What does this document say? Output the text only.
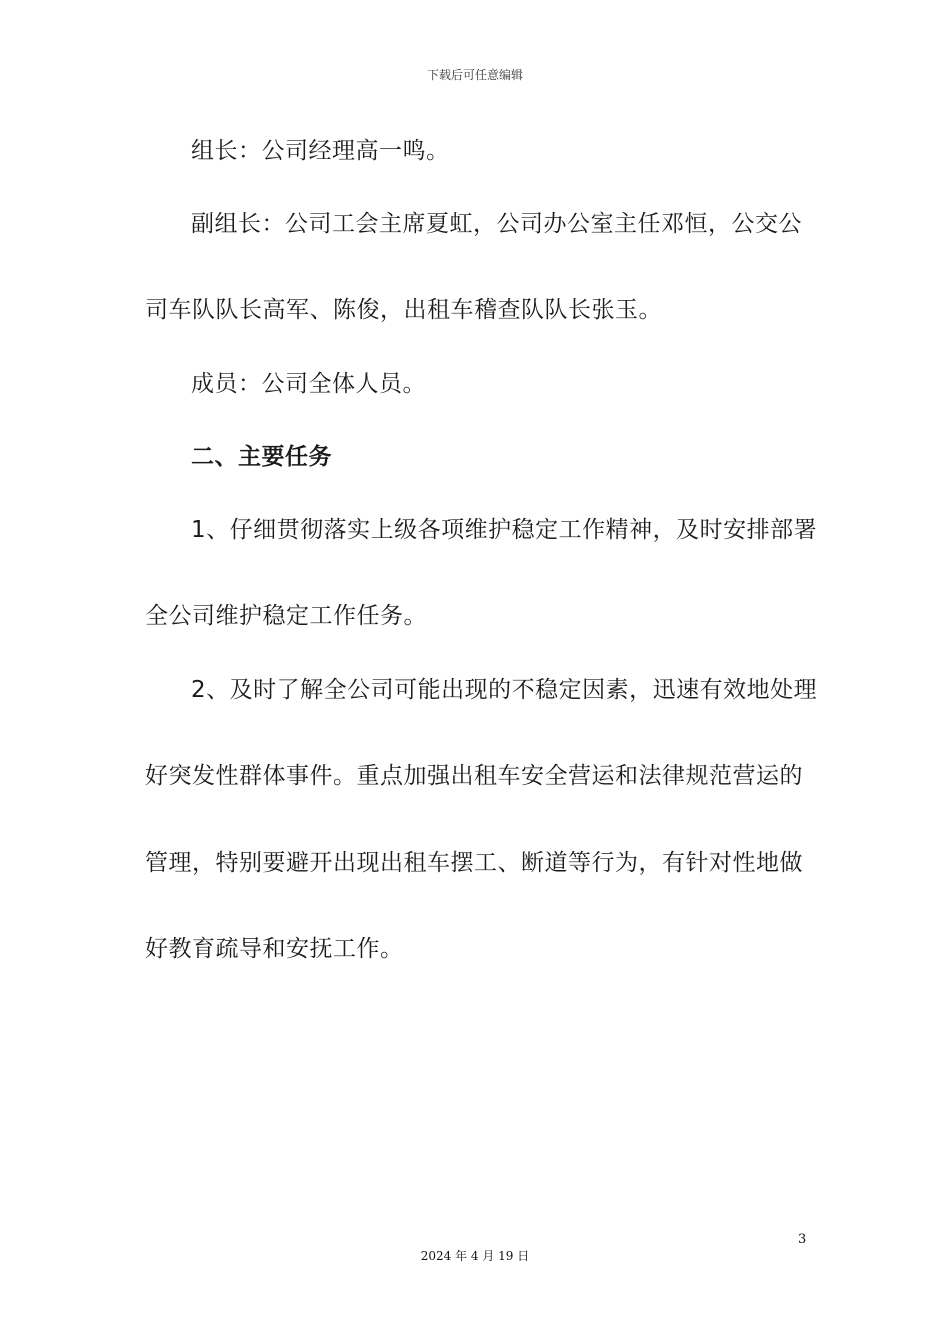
下载后可任意编辑
组长：公司经理高一鸣。
副组长：公司工会主席夏虹，公司办公室主任邓恒，公交公
司车队队长高军、陈俊，出租车稽查队队长张玉。
成员：公司全体人员。
二、主要任务
1、仔细贯彻落实上级各项维护稳定工作精神，及时安排部署
全公司维护稳定工作任务。
2、及时了解全公司可能出现的不稳定因素，迅速有效地处理
好突发性群体事件。重点加强出租车安全营运和法律规范营运的
管理，特别要避开出现出租车摆工、断道等行为，有针对性地做
好教育疏导和安抚工作。
3
2024 年 4 月 19 日
